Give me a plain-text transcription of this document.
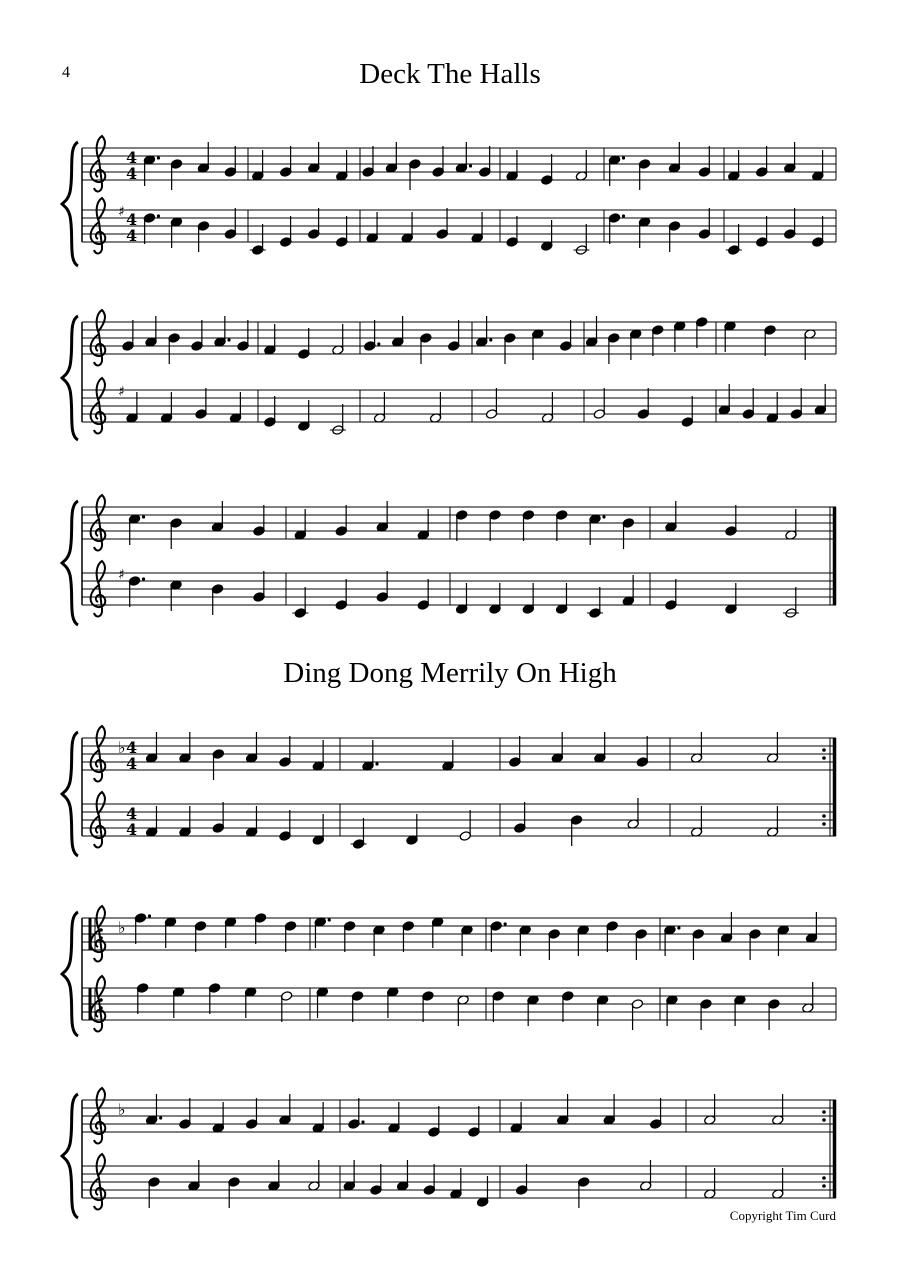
4	Deck The Halls
Ding Dong Merrily On High
Copyright Tim Curd
♯
4
4
4
4
♯
♯
♭ 4
4
4
4
♭
♭
